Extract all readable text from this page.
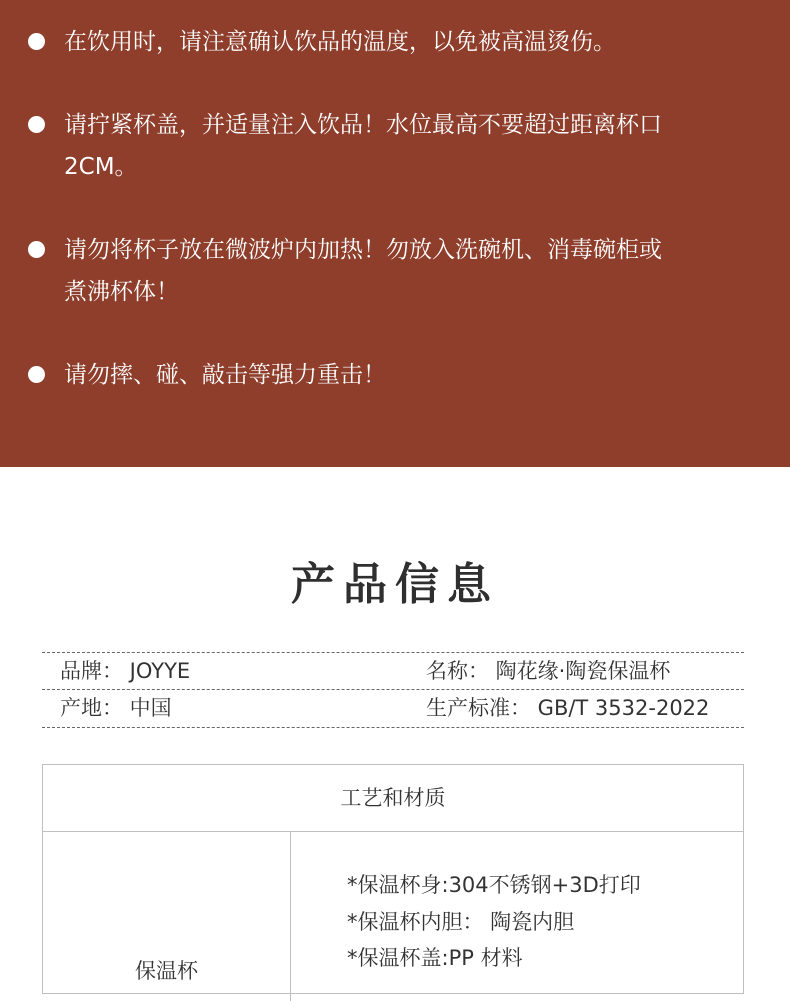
在饮用时，请注意确认饮品的温度，以免被高温烫伤。
请拧紧杯盖，并适量注入饮品！水位最高不要超过距离杯口
2CM。
请勿将杯子放在微波炉内加热！勿放入洗碗机、消毒碗柜或
煮沸杯体！
请勿摔、碰、敲击等强力重击！
产品信息
品牌： JOYYE	名称： 陶花缘·陶瓷保温杯
产地： 中国	生产标准： GB/T 3532-2022
工艺和材质
保温杯
*保温杯身:304不锈钢+3D打印
*保温杯内胆： 陶瓷内胆
*保温杯盖:PP 材料
